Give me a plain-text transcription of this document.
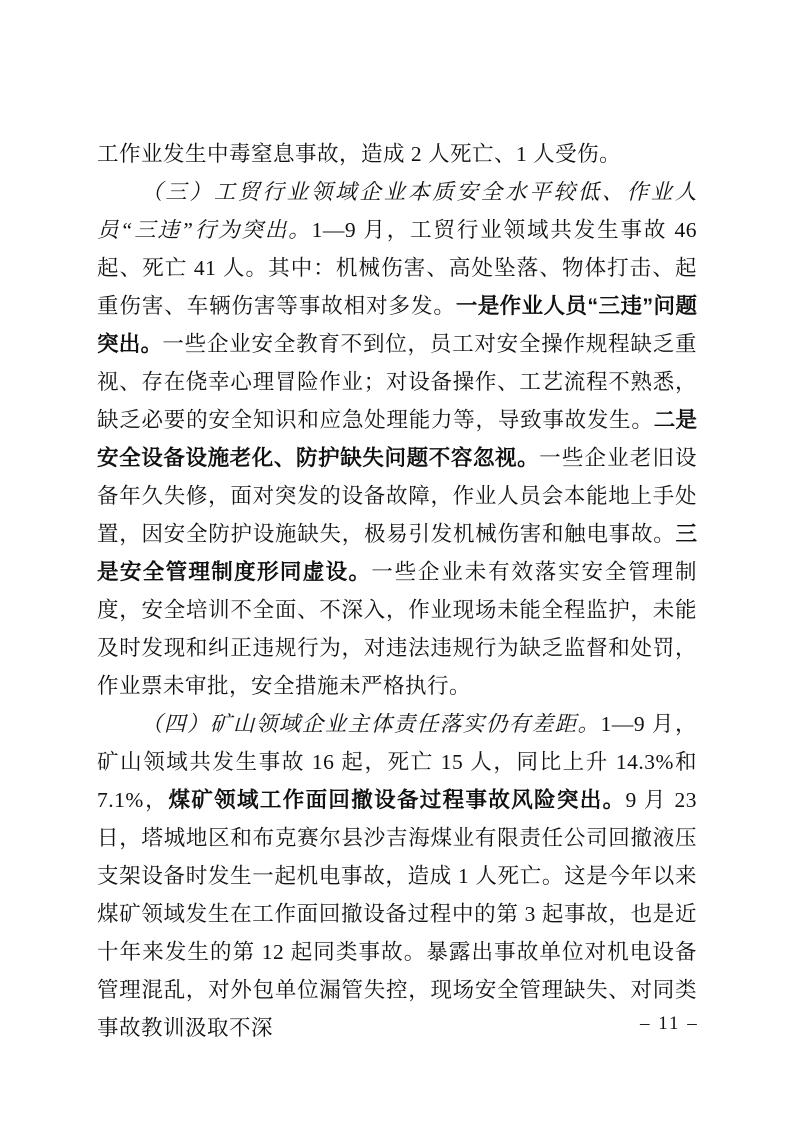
工作业发生中毒窒息事故，造成 2 人死亡、1 人受伤。

（三）工贸行业领域企业本质安全水平较低、作业人员“三违”行为突出。1—9 月，工贸行业领域共发生事故 46 起、死亡 41 人。其中：机械伤害、高处坠落、物体打击、起重伤害、车辆伤害等事故相对多发。一是作业人员“三违”问题突出。一些企业安全教育不到位，员工对安全操作规程缺乏重视、存在侥幸心理冒险作业；对设备操作、工艺流程不熟悉，缺乏必要的安全知识和应急处理能力等，导致事故发生。二是安全设备设施老化、防护缺失问题不容忽视。一些企业老旧设备年久失修，面对突发的设备故障，作业人员会本能地上手处置，因安全防护设施缺失，极易引发机械伤害和触电事故。三是安全管理制度形同虚设。一些企业未有效落实安全管理制度，安全培训不全面、不深入，作业现场未能全程监护，未能及时发现和纠正违规行为，对违法违规行为缺乏监督和处罚，作业票未审批，安全措施未严格执行。

（四）矿山领域企业主体责任落实仍有差距。1—9 月，矿山领域共发生事故 16 起，死亡 15 人，同比上升 14.3%和 7.1%，煤矿领域工作面回撤设备过程事故风险突出。9 月 23 日，塔城地区和布克赛尔县沙吉海煤业有限责任公司回撤液压支架设备时发生一起机电事故，造成 1 人死亡。这是今年以来煤矿领域发生在工作面回撤设备过程中的第 3 起事故，也是近十年来发生的第 12 起同类事故。暴露出事故单位对机电设备管理混乱，对外包单位漏管失控，现场安全管理缺失、对同类事故教训汲取不深	– 11 –
